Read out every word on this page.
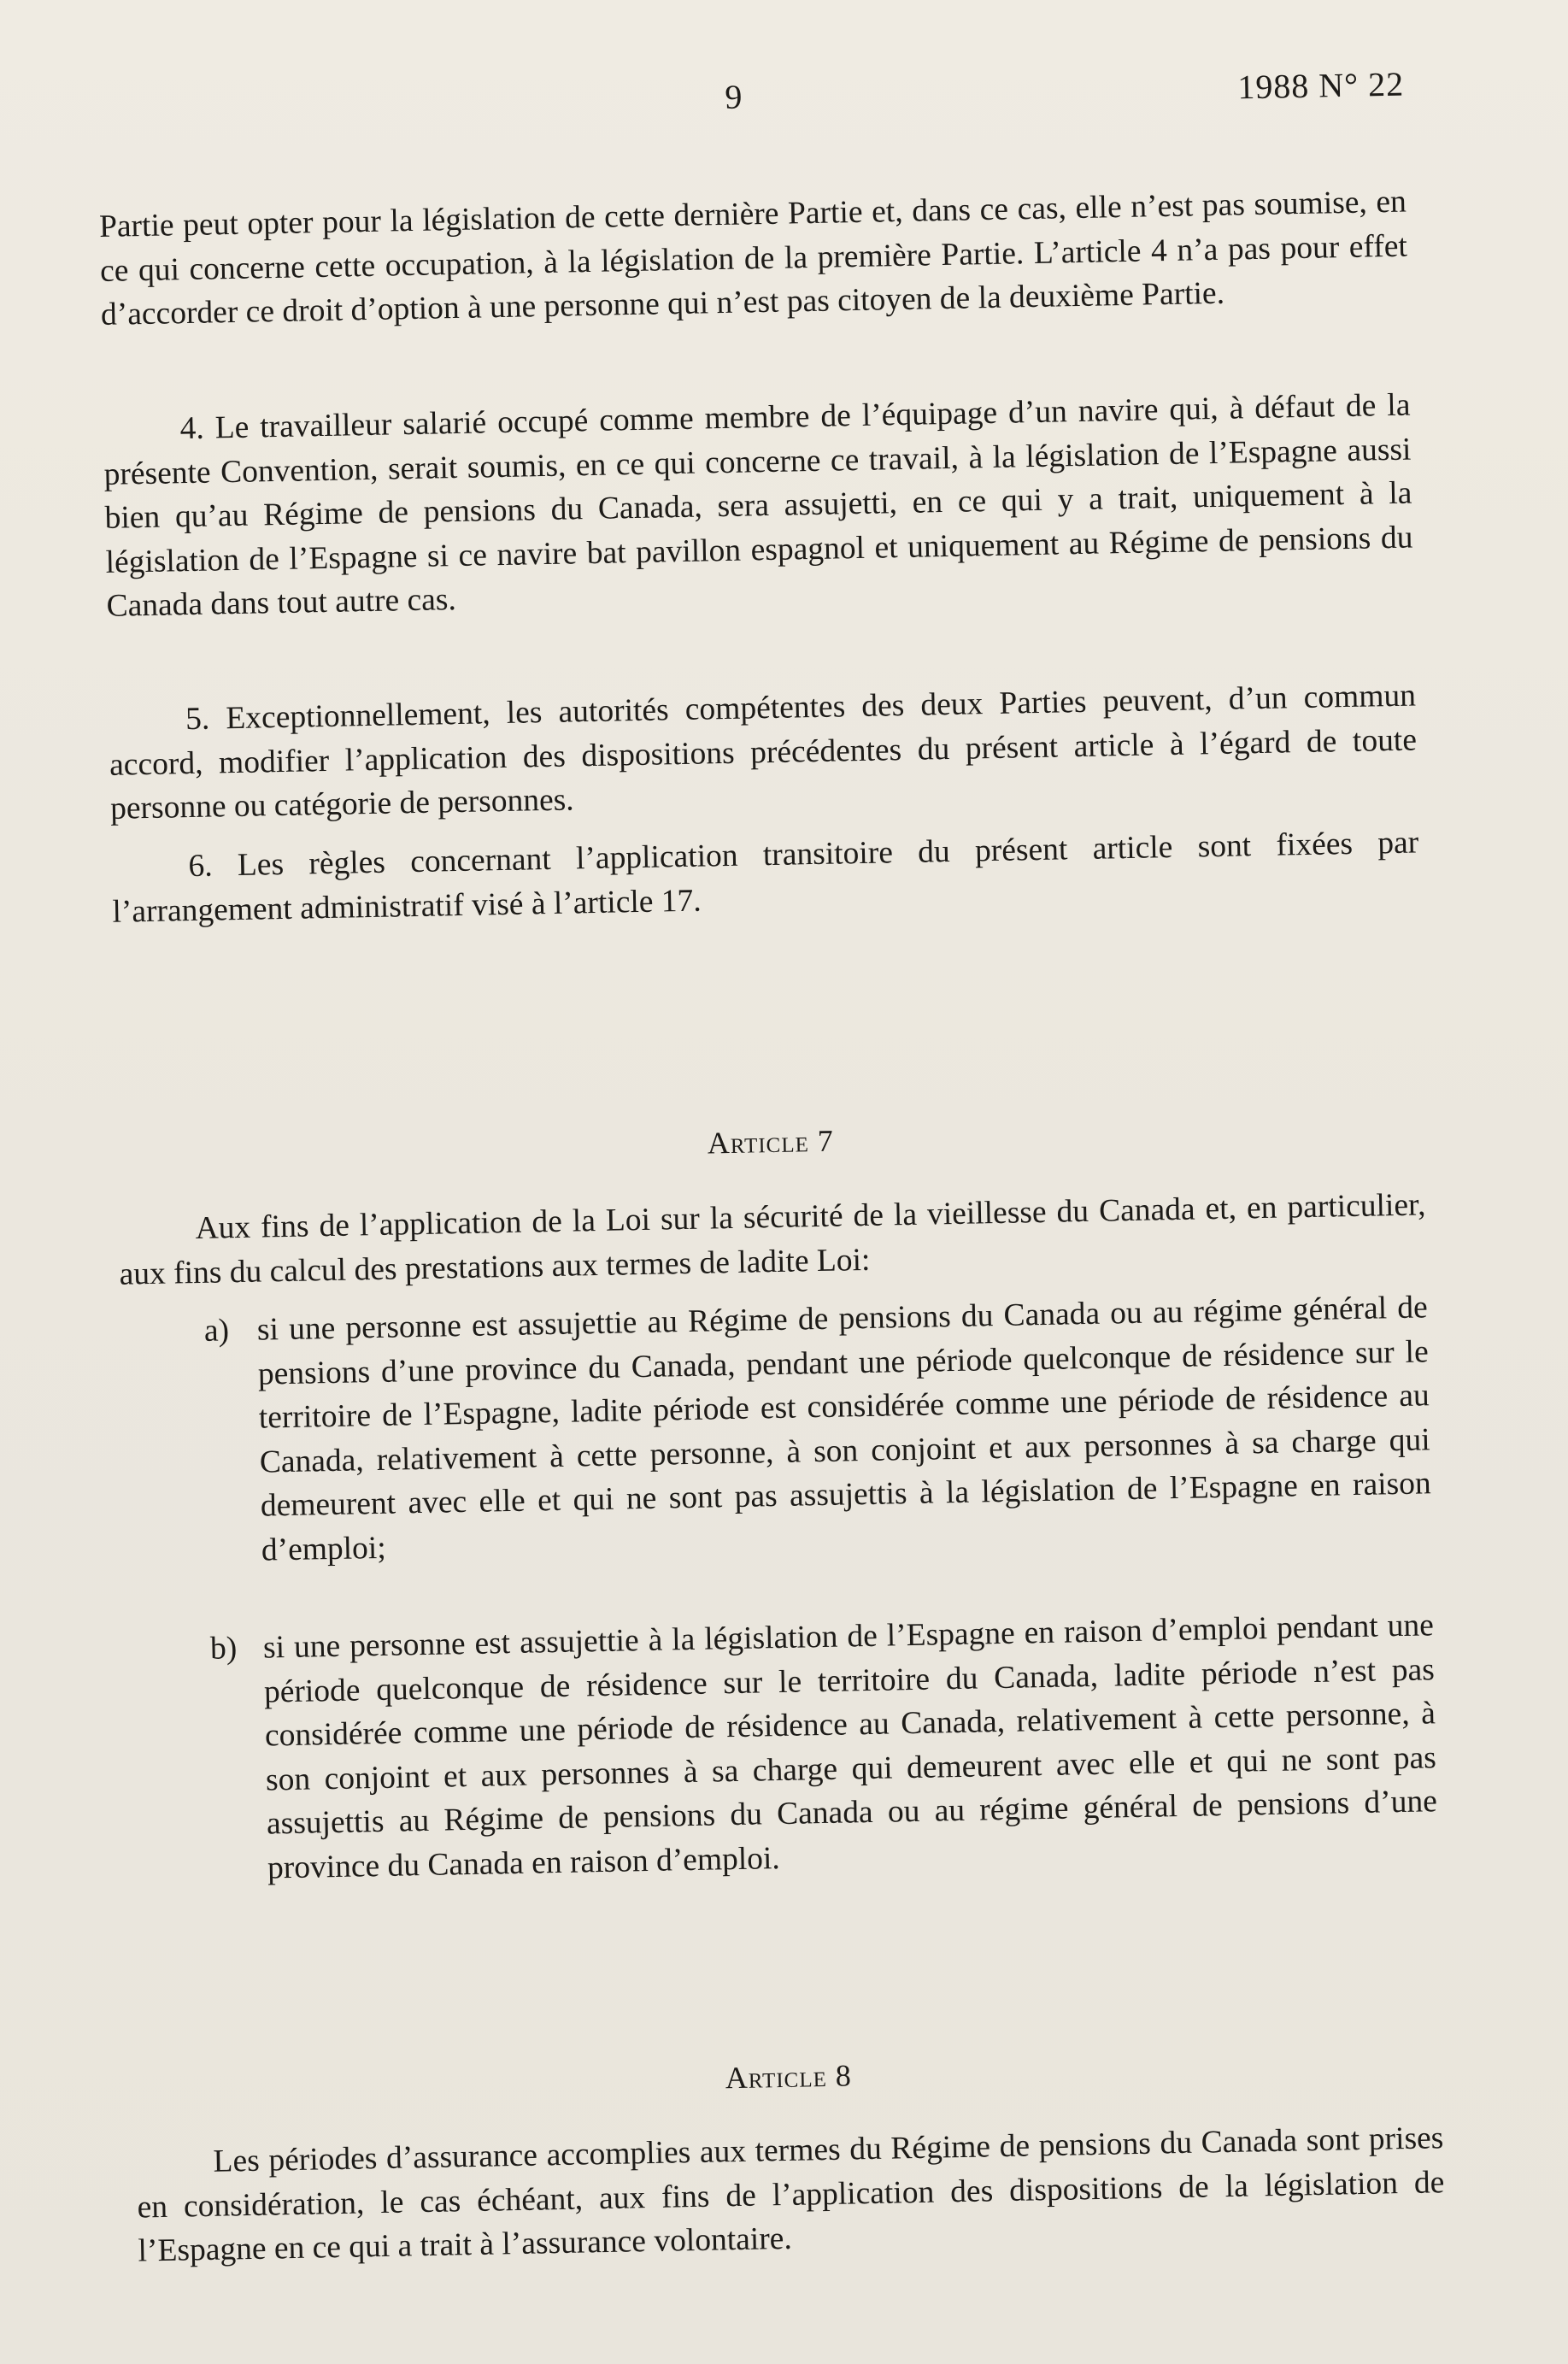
9	1988 N° 22
Partie peut opter pour la législation de cette dernière Partie et, dans ce cas, elle n’est pas soumise, en ce qui concerne cette occupation, à la législation de la première Partie. L’article 4 n’a pas pour effet d’accorder ce droit d’option à une personne qui n’est pas citoyen de la deuxième Partie.
4. Le travailleur salarié occupé comme membre de l’équipage d’un navire qui, à défaut de la présente Convention, serait soumis, en ce qui concerne ce travail, à la législation de l’Espagne aussi bien qu’au Régime de pensions du Canada, sera assujetti, en ce qui y a trait, uniquement à la législation de l’Espagne si ce navire bat pavillon espagnol et uniquement au Régime de pensions du Canada dans tout autre cas.
5. Exceptionnellement, les autorités compétentes des deux Parties peuvent, d’un commun accord, modifier l’application des dispositions précédentes du présent article à l’égard de toute personne ou catégorie de personnes.
6. Les règles concernant l’application transitoire du présent article sont fixées par l’arrangement administratif visé à l’article 17.
Article 7
Aux fins de l’application de la Loi sur la sécurité de la vieillesse du Canada et, en particulier, aux fins du calcul des prestations aux termes de ladite Loi:
a) si une personne est assujettie au Régime de pensions du Canada ou au régime général de pensions d’une province du Canada, pendant une période quelconque de résidence sur le territoire de l’Espagne, ladite période est considérée comme une période de résidence au Canada, relativement à cette personne, à son conjoint et aux personnes à sa charge qui demeurent avec elle et qui ne sont pas assujettis à la législation de l’Espagne en raison d’emploi;
b) si une personne est assujettie à la législation de l’Espagne en raison d’emploi pendant une période quelconque de résidence sur le territoire du Canada, ladite période n’est pas considérée comme une période de résidence au Canada, relativement à cette personne, à son conjoint et aux personnes à sa charge qui demeurent avec elle et qui ne sont pas assujettis au Régime de pensions du Canada ou au régime général de pensions d’une province du Canada en raison d’emploi.
Article 8
Les périodes d’assurance accomplies aux termes du Régime de pensions du Canada sont prises en considération, le cas échéant, aux fins de l’application des dispositions de la législation de l’Espagne en ce qui a trait à l’assurance volontaire.
